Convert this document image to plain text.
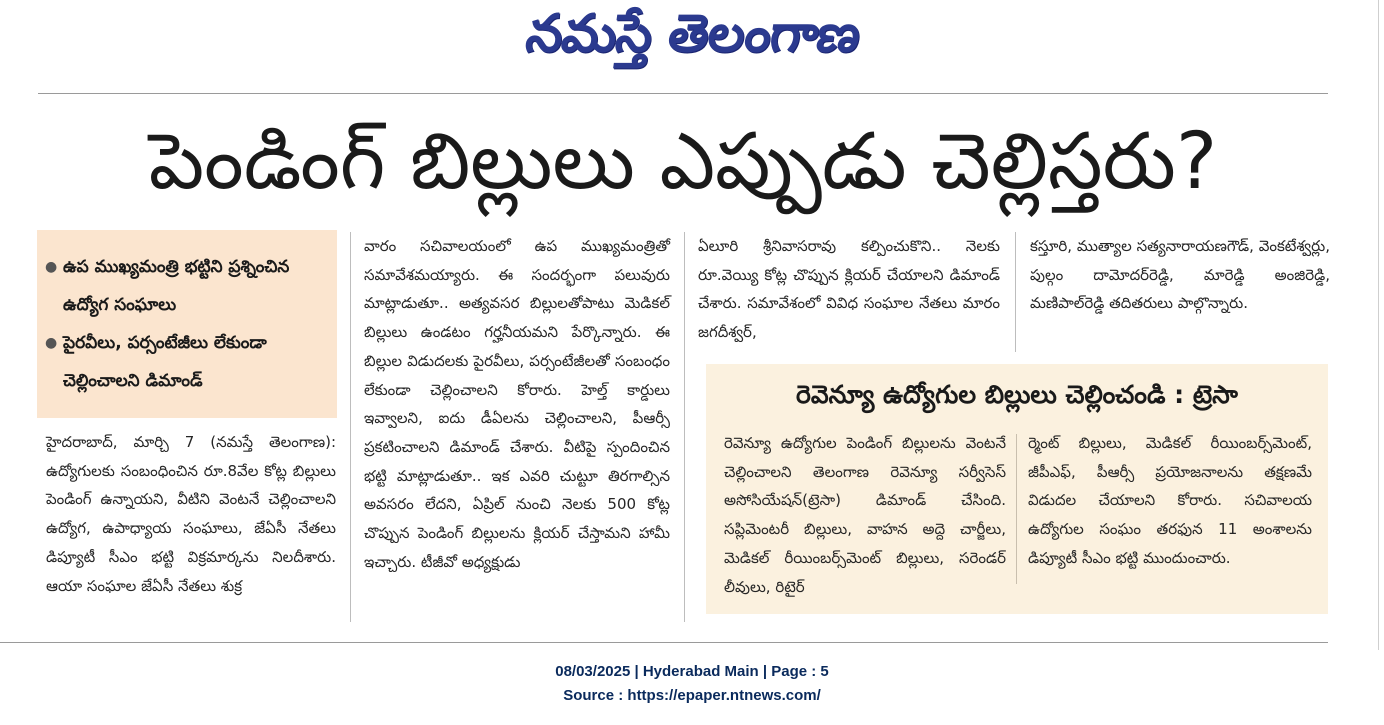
నమస్తే తెలంగాణ
పెండింగ్ బిల్లులు ఎప్పుడు చెల్లిస్తరు?
● ఉప ముఖ్యమంత్రి భట్టిని ప్రశ్నించిన ఉద్యోగ సంఘాలు
● పైరవీలు, పర్సంటేజీలు లేకుండా చెల్లించాలని డిమాండ్

హైదరాబాద్, మార్చి 7 (నమస్తే తెలంగాణ): ఉద్యోగులకు సంబంధించిన రూ.8వేల కోట్ల బిల్లులు పెండింగ్ ఉన్నాయని, వీటిని వెంటనే చెల్లించాలని ఉద్యోగ, ఉపాధ్యాయ సంఘాలు, జేఏసీ నేతలు డిప్యూటీ సీఎం భట్టి విక్రమార్కను నిలదీశారు. ఆయా సంఘాల జేఏసీ నేతలు శుక్ర

వారం సచివాలయంలో ఉప ముఖ్యమంత్రితో సమావేశమయ్యారు. ఈ సందర్భంగా పలువురు మాట్లాడుతూ.. అత్యవసర బిల్లులతోపాటు మెడికల్ బిల్లులు ఉండటం గర్హనీయమని పేర్కొన్నారు. ఈ బిల్లుల విడుదలకు పైరవీలు, పర్సంటేజీలతో సంబంధం లేకుండా చెల్లించాలని కోరారు. హెల్త్ కార్డులు ఇవ్వాలని, ఐదు డీఏలను చెల్లించాలని, పీఆర్సీ ప్రకటించాలని డిమాండ్ చేశారు. వీటిపై స్పందించిన భట్టి మాట్లాడుతూ.. ఇక ఎవరి చుట్టూ తిరగాల్సిన అవసరం లేదని, ఏప్రిల్ నుంచి నెలకు 500 కోట్ల చొప్పున పెండింగ్ బిల్లులను క్లియర్ చేస్తామని హామీ ఇచ్చారు. టీజీవో అధ్యక్షుడు

ఏలూరి శ్రీనివాసరావు కల్పించుకొని.. నెలకు రూ.వెయ్యి కోట్ల చొప్పున క్లియర్ చేయాలని డిమాండ్ చేశారు. సమావేశంలో వివిధ సంఘాల నేతలు మారం జగదీశ్వర్,

కస్తూరి, ముత్యాల సత్యనారాయణగౌడ్, వెంకటేశ్వర్లు, పుల్గం దామోదర్‌రెడ్డి, మారెడ్డి అంజిరెడ్డి, మణిపాల్‌రెడ్డి తదితరులు పాల్గొన్నారు.

రెవెన్యూ ఉద్యోగుల బిల్లులు చెల్లించండి : ట్రెసా

రెవెన్యూ ఉద్యోగుల పెండింగ్ బిల్లులను వెంటనే చెల్లించాలని తెలంగాణ రెవెన్యూ సర్వీసెస్ అసోసియేషన్(ట్రెసా) డిమాండ్ చేసింది. సప్లిమెంటరీ బిల్లులు, వాహన అద్దె చార్జీలు, మెడికల్ రీయింబర్స్‌మెంట్ బిల్లులు, సరెండర్ లీవులు, రిటైర్

ర్మెంట్ బిల్లులు, మెడికల్ రీయింబర్స్‌మెంట్, జీపీఎఫ్, పీఆర్సీ ప్రయోజనాలను తక్షణమే విడుదల చేయాలని కోరారు. సచివాలయ ఉద్యోగుల సంఘం తరఫున 11 అంశాలను డిప్యూటీ సీఎం భట్టి ముందుంచారు.

08/03/2025 | Hyderabad Main | Page : 5
Source : https://epaper.ntnews.com/
